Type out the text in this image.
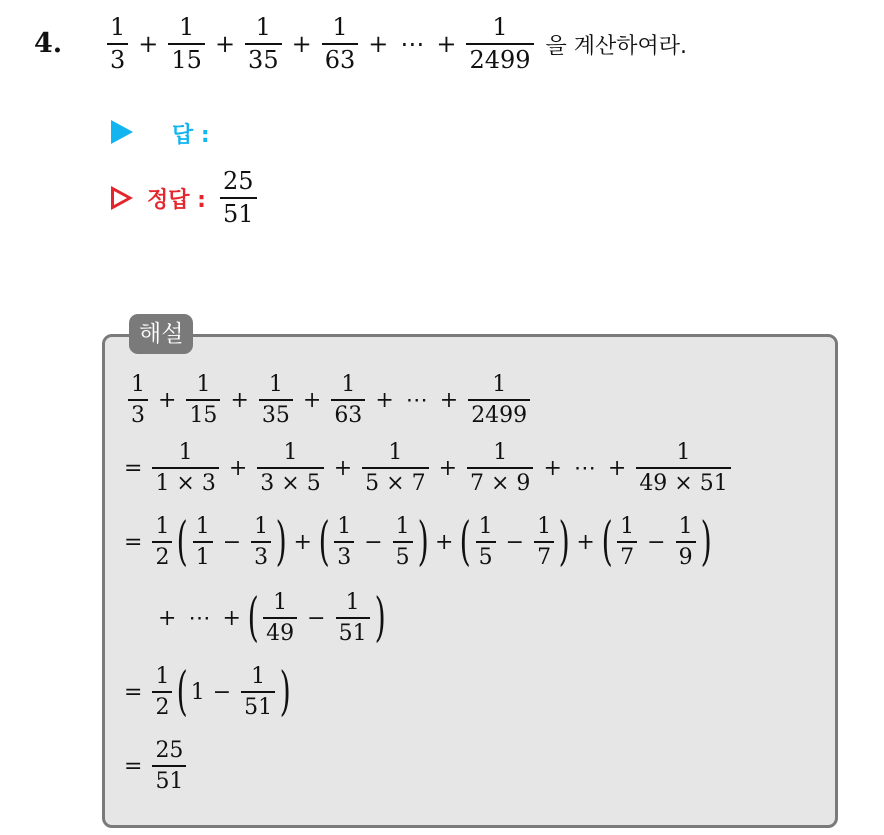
4. $\frac{1}{3} + \frac{1}{15} + \frac{1}{35} + \frac{1}{63}$ + ⋯ + $\frac{1}{2499}$ 을 계산하여라.
답 :
정답 : $\frac{25}{51}$
해설
$\frac{1}{3} + \frac{1}{15} + \frac{1}{35} + \frac{1}{63}$ + ⋯ + $\frac{1}{2499}$
= $\frac{1}{1 \times 3} + \frac{1}{3 \times 5} + \frac{1}{5 \times 7} + \frac{1}{7 \times 9}$ + ⋯ + $\frac{1}{49 \times 51}$
= $\frac{1}{2}$ ( $\frac{1}{1} - \frac{1}{3}$ ) + ( $\frac{1}{3} - \frac{1}{5}$ ) + ( $\frac{1}{5} - \frac{1}{7}$ ) + ( $\frac{1}{7} - \frac{1}{9}$ )
+ ⋯ + ( $\frac{1}{49} - \frac{1}{51}$ )
= $\frac{1}{2}$ ( $1 - \frac{1}{51}$ )
= $\frac{25}{51}$
